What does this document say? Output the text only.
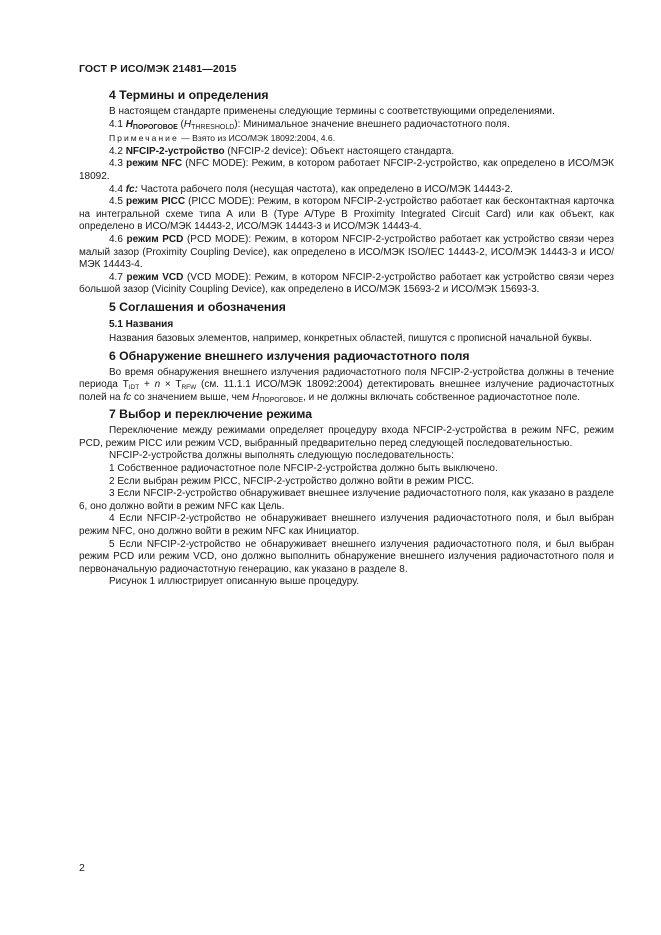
ГОСТ Р ИСО/МЭК 21481—2015
4 Термины и определения

В настоящем стандарте применены следующие термины с соответствующими определениями.

4.1 $H_{ПОРОГОВОЕ}$ $(H_{THRESHOLD})$: Минимальное значение внешнего радиочастотного поля.

Примечание — Взято из ИСО/МЭК 18092:2004, 4.6.

4.2 NFCIP-2-устройство (NFCIP-2 device): Объект настоящего стандарта.

4.3 режим NFC (NFC MODE): Режим, в котором работает NFCIP-2-устройство, как определено в ИСО/МЭК 18092.

4.4 fc: Частота рабочего поля (несущая частота), как определено в ИСО/МЭК 14443-2.

4.5 режим PICC (PICC MODE): Режим, в котором NFCIP-2-устройство работает как бесконтактная карточка на интегральной схеме типа A или B (Type A/Type B Proximity Integrated Circuit Card) или как объект, как определено в ИСО/МЭК 14443-2, ИСО/МЭК 14443-3 и ИСО/МЭК 14443-4.

4.6 режим PCD (PCD MODE): Режим, в котором NFCIP-2-устройство работает как устройство связи через малый зазор (Proximity Coupling Device), как определено в ИСО/МЭК ISO/IEC 14443-2, ИСО/МЭК 14443-3 и ИСО/МЭК 14443-4.

4.7 режим VCD (VCD MODE): Режим, в котором NFCIP-2-устройство работает как устройство связи через большой зазор (Vicinity Coupling Device), как определено в ИСО/МЭК 15693-2 и ИСО/МЭК 15693-3.

5 Соглашения и обозначения
5.1 Названия

Названия базовых элементов, например, конкретных областей, пишутся с прописной начальной буквы.

6 Обнаружение внешнего излучения радиочастотного поля

Во время обнаружения внешнего излучения радиочастотного поля NFCIP-2-устройства должны в течение периода $T_{IDT} + n \times T_{RFW}$ (см. 11.1.1 ИСО/МЭК 18092:2004) детектировать внешнее излучение радиочастотных полей на fc со значением выше, чем $H_{ПОРОГОВОЕ}$, и не должны включать собственное радиочастотное поле.

7 Выбор и переключение режима

Переключение между режимами определяет процедуру входа NFCIP-2-устройства в режим NFC, режим PCD, режим PICC или режим VCD, выбранный предварительно перед следующей последовательностью.

NFCIP-2-устройства должны выполнять следующую последовательность:

1 Собственное радиочастотное поле NFCIP-2-устройства должно быть выключено.

2 Если выбран режим PICC, NFCIP-2-устройство должно войти в режим PICC.

3 Если NFCIP-2-устройство обнаруживает внешнее излучение радиочастотного поля, как указано в разделе 6, оно должно войти в режим NFC как Цель.

4 Если NFCIP-2-устройство не обнаруживает внешнего излучения радиочастотного поля, и был выбран режим NFC, оно должно войти в режим NFC как Инициатор.

5 Если NFCIP-2-устройство не обнаруживает внешнего излучения радиочастотного поля, и был выбран режим PCD или режим VCD, оно должно выполнить обнаружение внешнего излучения радиочастотного поля и первоначальную радиочастотную генерацию, как указано в разделе 8.

Рисунок 1 иллюстрирует описанную выше процедуру.

2
